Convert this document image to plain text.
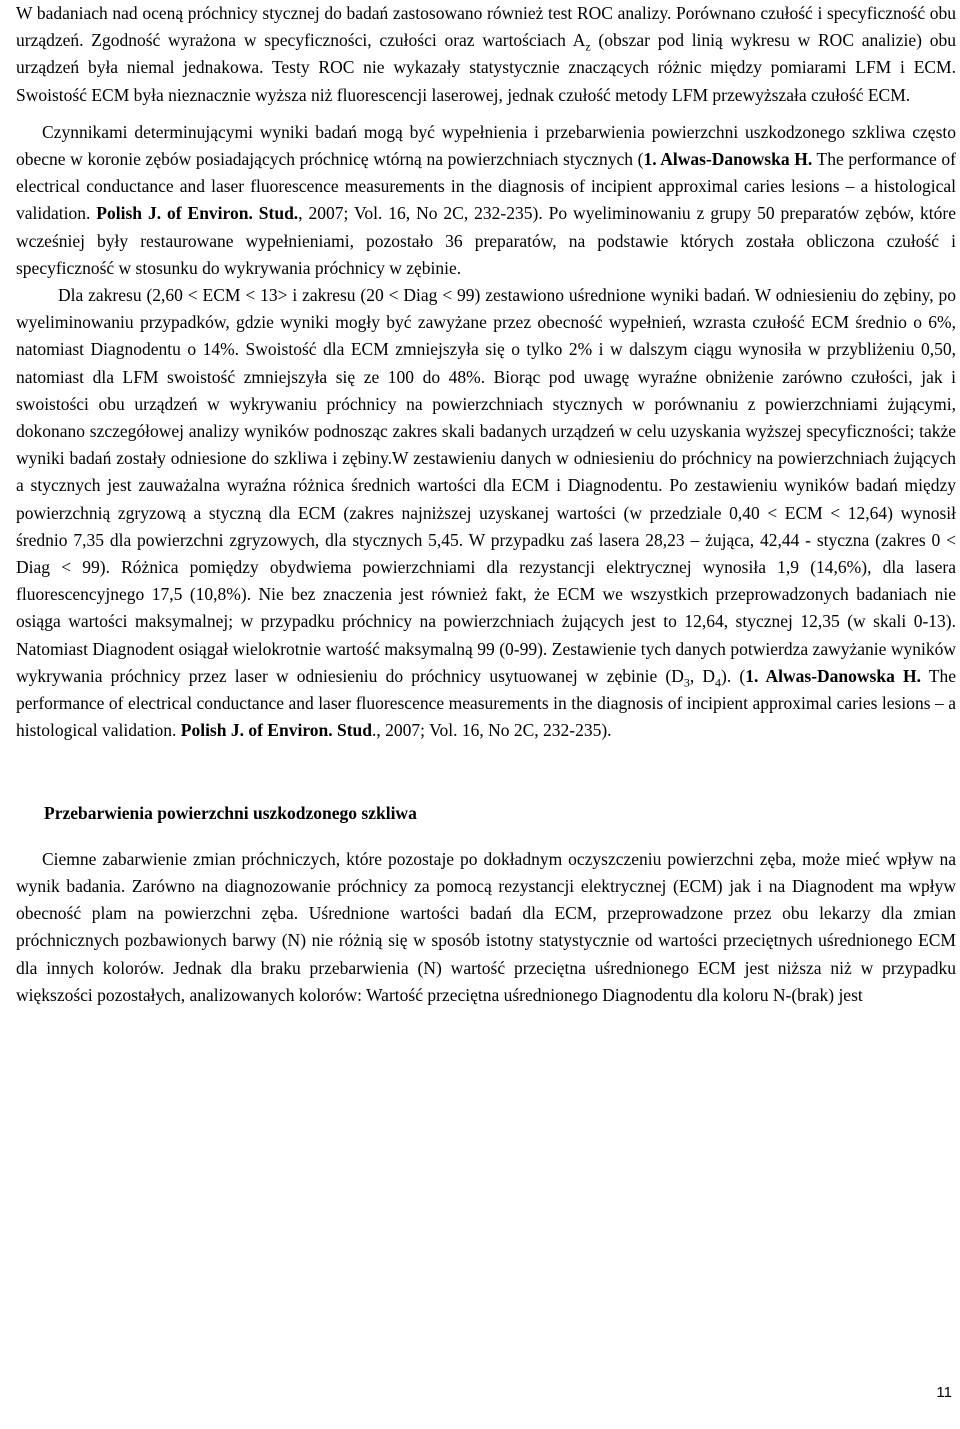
W badaniach nad oceną próchnicy stycznej do badań zastosowano również test ROC analizy. Porównano czułość i specyficzność obu urządzeń. Zgodność wyrażona w specyficzności, czułości oraz wartościach $A_z$ (obszar pod linią wykresu w ROC analizie) obu urządzeń była niemal jednakowa. Testy ROC nie wykazały statystycznie znaczących różnic między pomiarami LFM i ECM. Swoistość ECM była nieznacznie wyższa niż fluorescencji laserowej, jednak czułość metody LFM przewyższała czułość ECM.

Czynnikami determinującymi wyniki badań mogą być wypełnienia i przebarwienia powierzchni uszkodzonego szkliwa często obecne w koronie zębów posiadających próchnicę wtórną na powierzchniach stycznych (1. Alwas-Danowska H. The performance of electrical conductance and laser fluorescence measurements in the diagnosis of incipient approximal caries lesions – a histological validation. Polish J. of Environ. Stud., 2007; Vol. 16, No 2C, 232-235). Po wyeliminowaniu z grupy 50 preparatów zębów, które wcześniej były restaurowane wypełnieniami, pozostało 36 preparatów, na podstawie których została obliczona czułość i specyficzność w stosunku do wykrywania próchnicy w zębinie.

Dla zakresu (2,60 < ECM < 13> i zakresu (20 < Diag < 99) zestawiono uśrednione wyniki badań. W odniesieniu do zębiny, po wyeliminowaniu przypadków, gdzie wyniki mogły być zawyżane przez obecność wypełnień, wzrasta czułość ECM średnio o 6%, natomiast Diagnodentu o 14%. Swoistość dla ECM zmniejszyła się o tylko 2% i w dalszym ciągu wynosiła w przybliżeniu 0,50, natomiast dla LFM swoistość zmniejszyła się ze 100 do 48%. Biorąc pod uwagę wyraźne obniżenie zarówno czułości, jak i swoistości obu urządzeń w wykrywaniu próchnicy na powierzchniach stycznych w porównaniu z powierzchniami żującymi, dokonano szczegółowej analizy wyników podnosząc zakres skali badanych urządzeń w celu uzyskania wyższej specyficzności; także wyniki badań zostały odniesione do szkliwa i zębiny.W zestawieniu danych w odniesieniu do próchnicy na powierzchniach żujących a stycznych jest zauważalna wyraźna różnica średnich wartości dla ECM i Diagnodentu. Po zestawieniu wyników badań między powierzchnią zgryzową a styczną dla ECM (zakres najniższej uzyskanej wartości (w przedziale 0,40 < ECM < 12,64) wynosił średnio 7,35 dla powierzchni zgryzowych, dla stycznych 5,45. W przypadku zaś lasera 28,23 – żująca, 42,44 - styczna (zakres 0 < Diag < 99). Różnica pomiędzy obydwiema powierzchniami dla rezystancji elektrycznej wynosiła 1,9 (14,6%), dla lasera fluorescencyjnego 17,5 (10,8%). Nie bez znaczenia jest również fakt, że ECM we wszystkich przeprowadzonych badaniach nie osiąga wartości maksymalnej; w przypadku próchnicy na powierzchniach żujących jest to 12,64, stycznej 12,35 (w skali 0-13). Natomiast Diagnodent osiągał wielokrotnie wartość maksymalną 99 (0-99). Zestawienie tych danych potwierdza zawyżanie wyników wykrywania próchnicy przez laser w odniesieniu do próchnicy usytuowanej w zębinie ($D_3$, $D_4$). (1. Alwas-Danowska H. The performance of electrical conductance and laser fluorescence measurements in the diagnosis of incipient approximal caries lesions – a histological validation. Polish J. of Environ. Stud., 2007; Vol. 16, No 2C, 232-235).

Przebarwienia powierzchni uszkodzonego szkliwa

Ciemne zabarwienie zmian próchniczych, które pozostaje po dokładnym oczyszczeniu powierzchni zęba, może mieć wpływ na wynik badania. Zarówno na diagnozowanie próchnicy za pomocą rezystancji elektrycznej (ECM) jak i na Diagnodent ma wpływ obecność plam na powierzchni zęba. Uśrednione wartości badań dla ECM, przeprowadzone przez obu lekarzy dla zmian próchnicznych pozbawionych barwy (N) nie różnią się w sposób istotny statystycznie od wartości przeciętnych uśrednionego ECM dla innych kolorów. Jednak dla braku przebarwienia (N) wartość przeciętna uśrednionego ECM jest niższa niż w przypadku większości pozostałych, analizowanych kolorów: Wartość przeciętna uśrednionego Diagnodentu dla koloru N-(brak) jest

11
